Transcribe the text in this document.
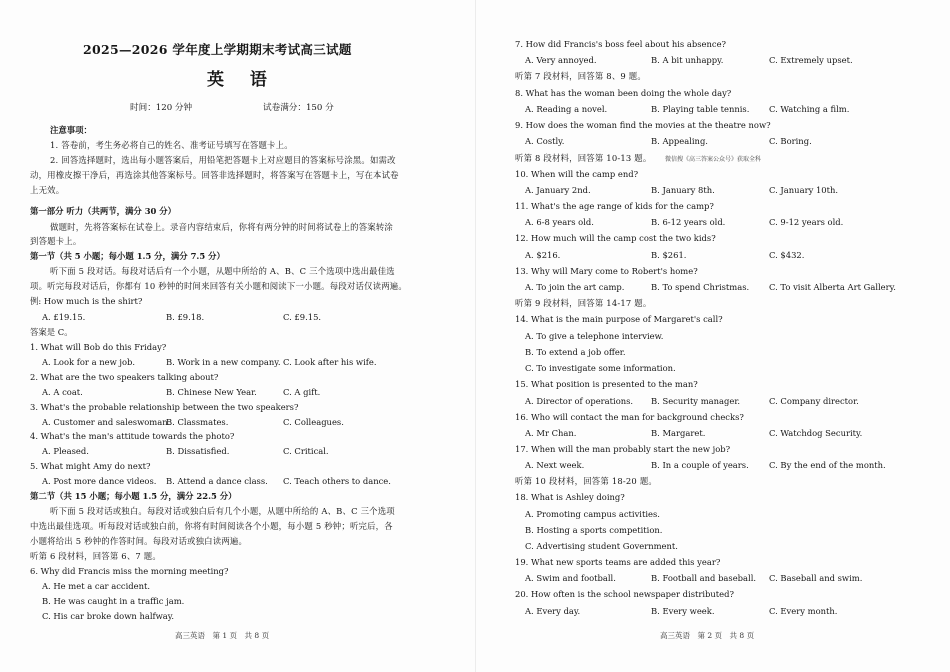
2025—2026 学年度上学期期末考试高三试题
英 语
时间：120 分钟	试卷满分：150 分
注意事项：
1. 答卷前，考生务必将自己的姓名、准考证号填写在答题卡上。
2. 回答选择题时，选出每小题答案后，用铅笔把答题卡上对应题目的答案标号涂黑。如需改
动，用橡皮擦干净后，再选涂其他答案标号。回答非选择题时，将答案写在答题卡上，写在本试卷
上无效。
第一部分 听力（共两节，满分 30 分）
做题时，先将答案标在试卷上。录音内容结束后，你将有两分钟的时间将试卷上的答案转涂
到答题卡上。
第一节（共 5 小题；每小题 1.5 分，满分 7.5 分）
听下面 5 段对话。每段对话后有一个小题，从题中所给的 A、B、C 三个选项中选出最佳选
项。听完每段对话后，你都有 10 秒钟的时间来回答有关小题和阅读下一小题。每段对话仅读两遍。
例: How much is the shirt?
A. £19.15.	B. £9.18.	C. £9.15.
答案是 C。
1. What will Bob do this Friday?
A. Look for a new job.	B. Work in a new company. C. Look after his wife.
2. What are the two speakers talking about?
A. A coat.	B. Chinese New Year.	C. A gift.
3. What's the probable relationship between the two speakers?
A. Customer and saleswoman.
B. Classmates.	C. Colleagues.
4. What's the man's attitude towards the photo?
A. Pleased.	B. Dissatisfied.	C. Critical.
5. What might Amy do next?
A. Post more dance videos. B. Attend a dance class. C. Teach others to dance.
第二节（共 15 小题；每小题 1.5 分，满分 22.5 分）
听下面 5 段对话或独白。每段对话或独白后有几个小题，从题中所给的 A、B、C 三个选项
中选出最佳选项。听每段对话或独白前，你将有时间阅读各个小题，每小题 5 秒钟；听完后，各
小题将给出 5 秒钟的作答时间。每段对话或独白读两遍。
听第 6 段材料，回答第 6、7 题。
6. Why did Francis miss the morning meeting?
A. He met a car accident.
B. He was caught in a traffic jam.
C. His car broke down halfway.
高三英语　第 1 页　共 8 页
7. How did Francis's boss feel about his absence?
A. Very annoyed.	B. A bit unhappy.	C. Extremely upset.
听第 7 段材料，回答第 8、9 题。
8. What has the woman been doing the whole day?
A. Reading a novel.	B. Playing table tennis. C. Watching a film.
9. How does the woman find the movies at the theatre now?
A. Costly.	B. Appealing.	C. Boring.
听第 8 段材料，回答第 10-13 题。 微信搜《高三答案公众号》获取全科
10. When will the camp end?
A. January 2nd.	B. January 8th.	C. January 10th.
11. What's the age range of kids for the camp?
A. 6-8 years old.	B. 6-12 years old.	C. 9-12 years old.
12. How much will the camp cost the two kids?
A. $216.	B. $261.	C. $432.
13. Why will Mary come to Robert's home?
A. To join the art camp.	B. To spend Christmas. C. To visit Alberta Art Gallery.
听第 9 段材料，回答第 14-17 题。
14. What is the main purpose of Margaret's call?
A. To give a telephone interview.
B. To extend a job offer.
C. To investigate some information.
15. What position is presented to the man?
A. Director of operations. B. Security manager.	C. Company director.
16. Who will contact the man for background checks?
A. Mr Chan.	B. Margaret.	C. Watchdog Security.
17. When will the man probably start the new job?
A. Next week.	B. In a couple of years. C. By the end of the month.
听第 10 段材料，回答第 18-20 题。
18. What is Ashley doing?
A. Promoting campus activities.
B. Hosting a sports competition.
C. Advertising student Government.
19. What new sports teams are added this year?
A. Swim and football.	B. Football and baseball. C. Baseball and swim.
20. How often is the school newspaper distributed?
A. Every day.	B. Every week.	C. Every month.
高三英语　第 2 页　共 8 页
